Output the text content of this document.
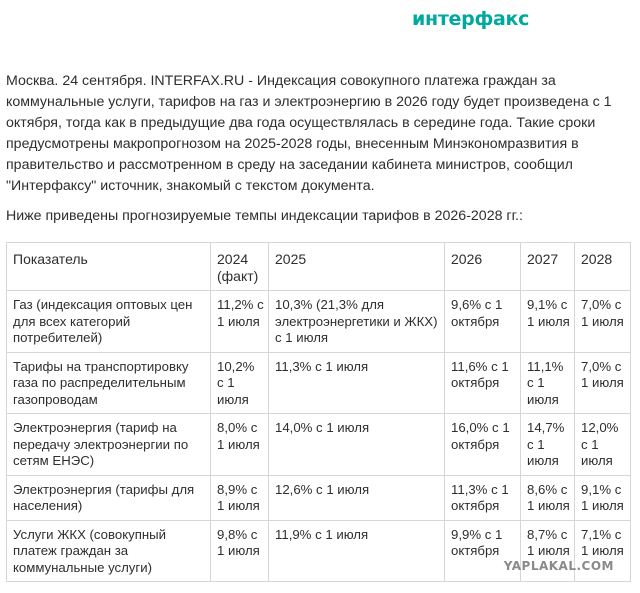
интерфакс

Москва. 24 сентября. INTERFAX.RU - Индексация совокупного платежа граждан за коммунальные услуги, тарифов на газ и электроэнергию в 2026 году будет произведена с 1 октября, тогда как в предыдущие два года осуществлялась в середине года. Такие сроки предусмотрены макропрогнозом на 2025-2028 годы, внесенным Минэкономразвития в правительство и рассмотренном в среду на заседании кабинета министров, сообщил "Интерфаксу" источник, знакомый с текстом документа.

Ниже приведены прогнозируемые темпы индексации тарифов в 2026-2028 гг.:

Показатель	2024 (факт)	2025	2026	2027	2028
Газ (индексация оптовых цен для всех категорий потребителей)	11,2% с 1 июля	10,3% (21,3% для электроэнергетики и ЖКХ) с 1 июля	9,6% с 1 октября	9,1% с 1 июля	7,0% с 1 июля
Тарифы на транспортировку газа по распределительным газопроводам	10,2% с 1 июля	11,3% с 1 июля	11,6% с 1 октября	11,1% с 1 июля	7,0% с 1 июля
Электроэнергия (тариф на передачу электроэнергии по сетям ЕНЭС)	8,0% с 1 июля	14,0% с 1 июля	16,0% с 1 октября	14,7% с 1 июля	12,0% с 1 июля
Электроэнергия (тарифы для населения)	8,9% с 1 июля	12,6% с 1 июля	11,3% с 1 октября	8,6% с 1 июля	9,1% с 1 июля
Услуги ЖКХ (совокупный платеж граждан за коммунальные услуги)	9,8% с 1 июля	11,9% с 1 июля	9,9% с 1 октября	8,7% с 1 июля	7,1% с 1 июля
YAPLAKAL.COM
